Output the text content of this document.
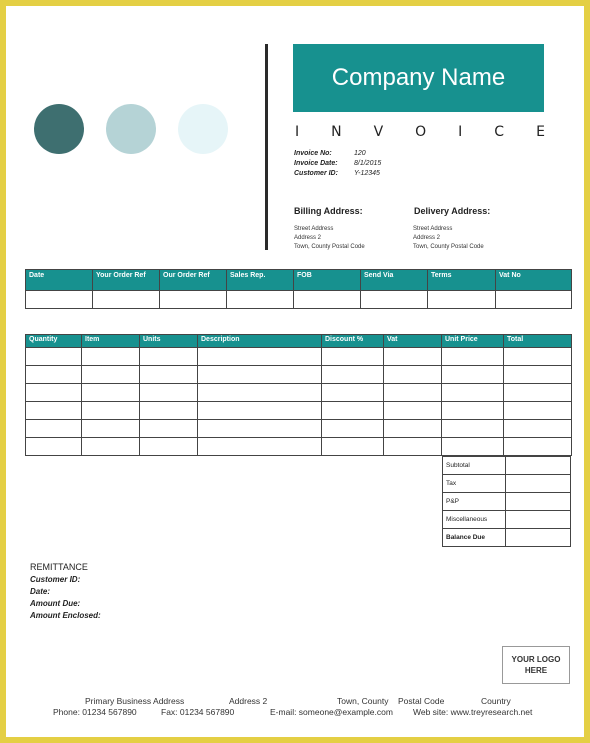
Company Name
I N V O I C E
Invoice No:	120
Invoice Date:	8/1/2015
Customer ID:	Y-12345
Billing Address:
Street Address
Address 2
Town, County Postal Code
Delivery Address:
Street Address
Address 2
Town, County Postal Code
Date	Your Order Ref	Our Order Ref	Sales Rep.	FOB	Send Via	Terms	Vat No

Quantity	Item	Units	Description	Discount %	Vat	Unit Price	Total

Subtotal	
Tax	
P&P	
Miscellaneous	
Balance Due	
REMITTANCE
Customer ID:
Date:
Amount Due:
Amount Enclosed:
YOUR LOGO HERE
Primary Business Address	Address 2	Town, County Postal Code	Country
Phone: 01234 567890	Fax: 01234 567890	E-mail: someone@example.com Web site: www.treyresearch.net
